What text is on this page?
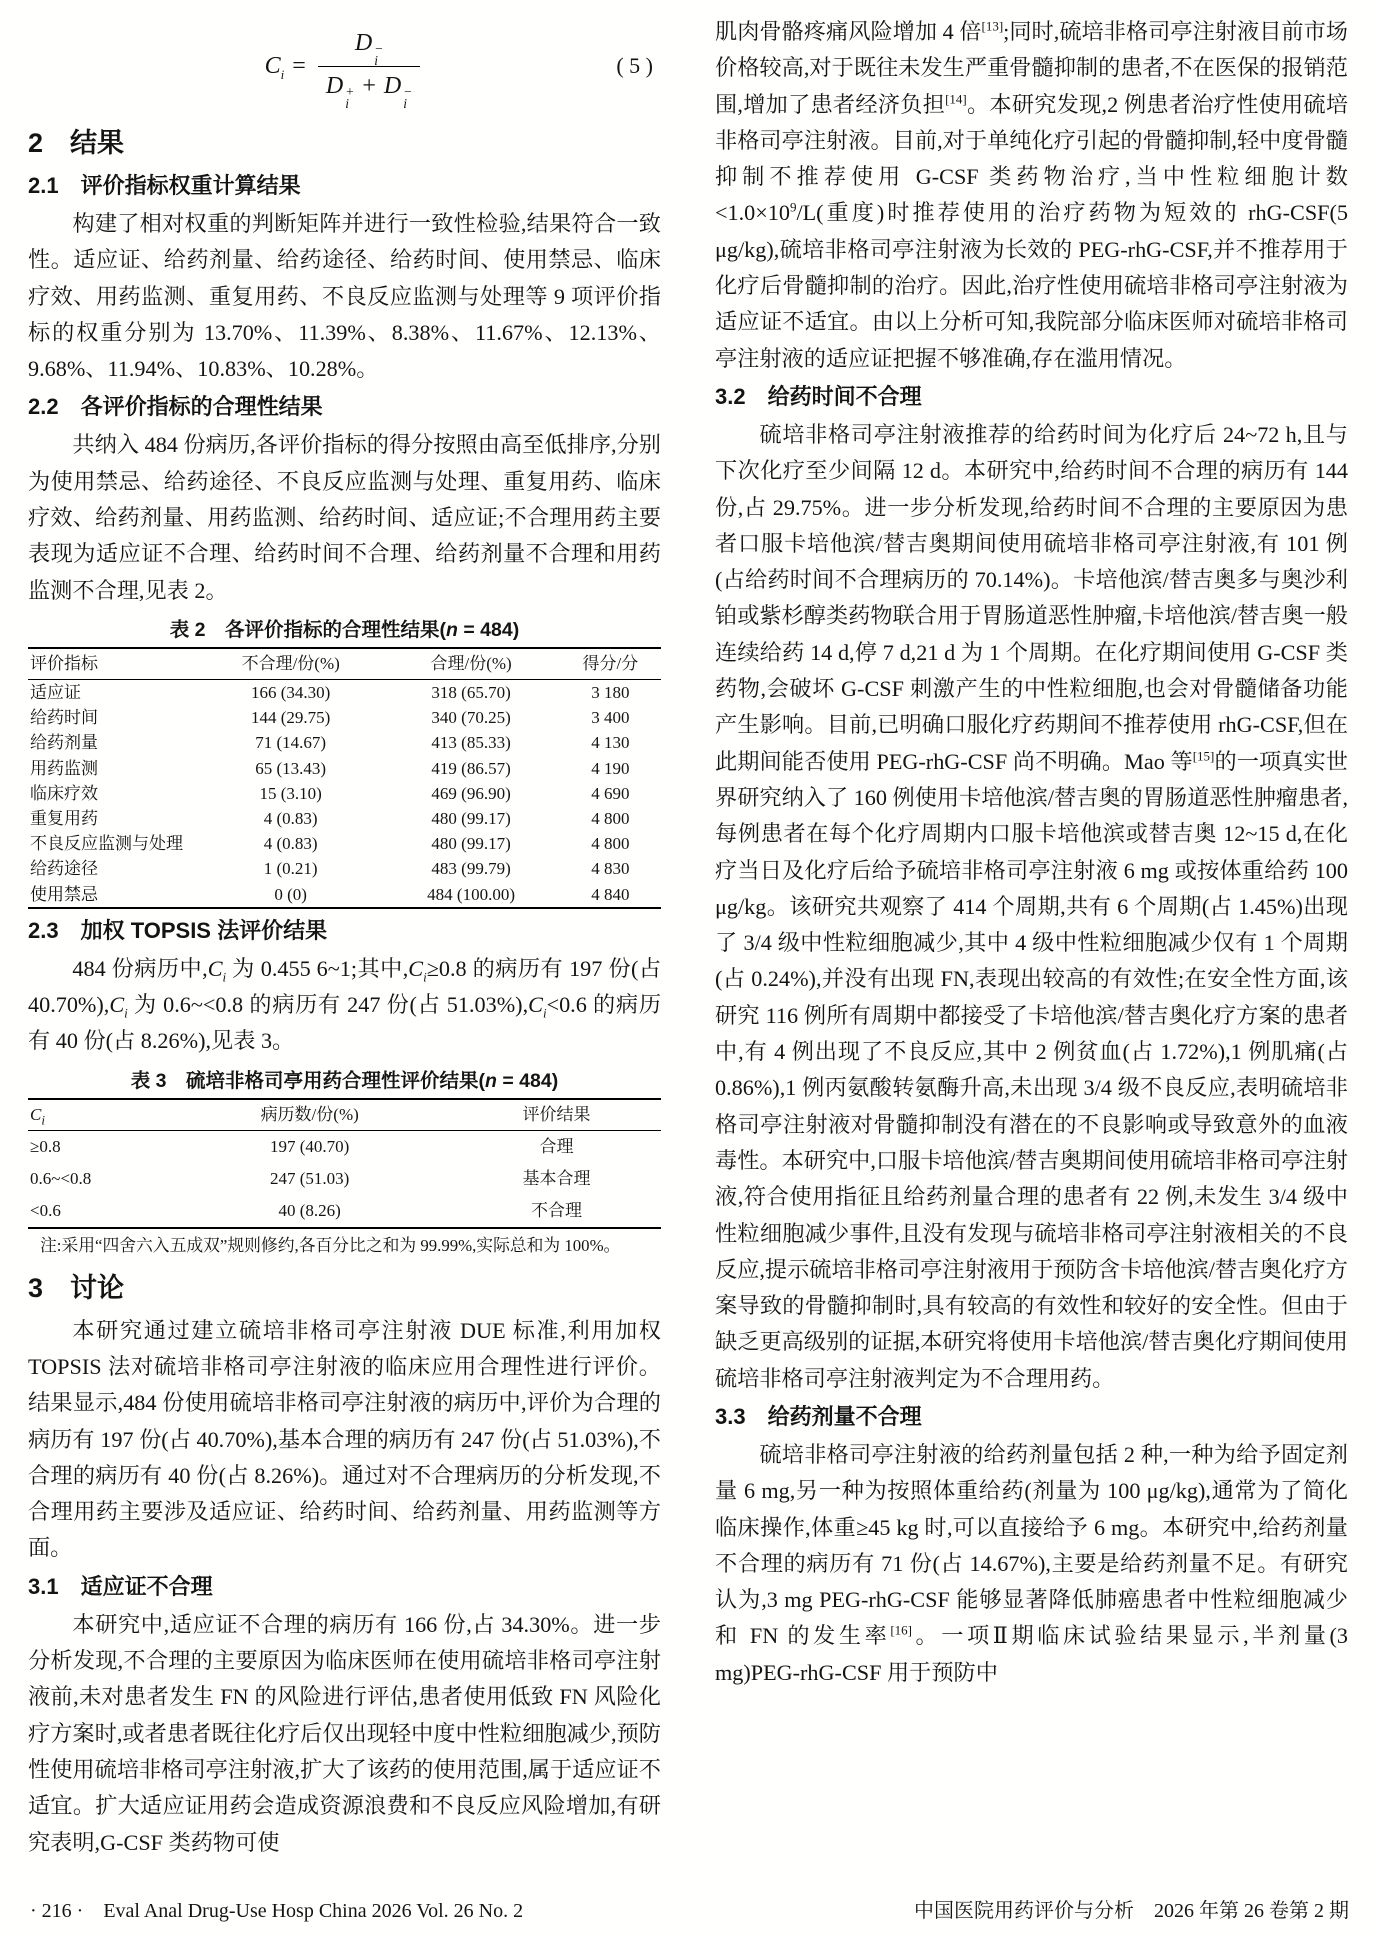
$C_i = D$ −
i
D +
i
+ D −
i	( 5 )
2　结果
2.1　评价指标权重计算结果

构建了相对权重的判断矩阵并进行一致性检验,结果符合一致性。适应证、给药剂量、给药途径、给药时间、使用禁忌、临床疗效、用药监测、重复用药、不良反应监测与处理等 9 项评价指标的权重分别为 13.70%、11.39%、8.38%、11.67%、12.13%、9.68%、11.94%、10.83%、10.28%。

2.2　各评价指标的合理性结果

共纳入 484 份病历,各评价指标的得分按照由高至低排序,分别为使用禁忌、给药途径、不良反应监测与处理、重复用药、临床疗效、给药剂量、用药监测、给药时间、适应证;不合理用药主要表现为适应证不合理、给药时间不合理、给药剂量不合理和用药监测不合理,见表 2。

表 2　各评价指标的合理性结果(n = 484)
评价指标	不合理/份(%)	合理/份(%)	得分/分
适应证	166 (34.30)	318 (65.70)	3 180
给药时间	144 (29.75)	340 (70.25)	3 400
给药剂量	71 (14.67)	413 (85.33)	4 130
用药监测	65 (13.43)	419 (86.57)	4 190
临床疗效	15 (3.10)	469 (96.90)	4 690
重复用药	4 (0.83)	480 (99.17)	4 800
不良反应监测与处理	4 (0.83)	480 (99.17)	4 800
给药途径	1 (0.21)	483 (99.79)	4 830
使用禁忌	0 (0)	484 (100.00)	4 840
2.3　加权 TOPSIS 法评价结果

484 份病历中$,C_i$ 为 0.455 6~1;其中$,C_i\ge 0.8$ 的病历有 197 份(占 $40.70\%),C_i$ 为 0.6~<0.8 的病历有 247 份(占 $51.03\%),C_i<0.6$ 的病历有 40 份(占 8.26%),见表 3。

表 3　硫培非格司亭用药合理性评价结果(n = 484)
$C_i$	病历数/份(%)	评价结果
≥0.8	197 (40.70)	合理
0.6~<0.8	247 (51.03)	基本合理
<0.6	40 (8.26)	不合理
注:采用“四舍六入五成双”规则修约,各百分比之和为 99.99%,实际总和为 100%。
3　讨论

本研究通过建立硫培非格司亭注射液 DUE 标准,利用加权 TOPSIS 法对硫培非格司亭注射液的临床应用合理性进行评价。结果显示,484 份使用硫培非格司亭注射液的病历中,评价为合理的病历有 197 份(占 40.70%),基本合理的病历有 247 份(占 51.03%),不合理的病历有 40 份(占 8.26%)。通过对不合理病历的分析发现,不合理用药主要涉及适应证、给药时间、给药剂量、用药监测等方面。

3.1　适应证不合理

本研究中,适应证不合理的病历有 166 份,占 34.30%。进一步分析发现,不合理的主要原因为临床医师在使用硫培非格司亭注射液前,未对患者发生 FN 的风险进行评估,患者使用低致 FN 风险化疗方案时,或者患者既往化疗后仅出现轻中度中性粒细胞减少,预防性使用硫培非格司亭注射液,扩大了该药的使用范围,属于适应证不适宜。扩大适应证用药会造成资源浪费和不良反应风险增加,有研究表明,G-CSF 类药物可使

肌肉骨骼疼痛风险增加 4 倍[13];同时,硫培非格司亭注射液目前市场价格较高,对于既往未发生严重骨髓抑制的患者,不在医保的报销范围,增加了患者经济负担[14]。本研究发现,2 例患者治疗性使用硫培非格司亭注射液。目前,对于单纯化疗引起的骨髓抑制,轻中度骨髓抑制不推荐使用 G-CSF 类药物治疗,当中性粒细胞计数$<1.0\times 10^9/L$(重度)时推荐使用的治疗药物为短效的 rhG-CSF(5 μg/kg),硫培非格司亭注射液为长效的 PEG-rhG-CSF,并不推荐用于化疗后骨髓抑制的治疗。因此,治疗性使用硫培非格司亭注射液为适应证不适宜。由以上分析可知,我院部分临床医师对硫培非格司亭注射液的适应证把握不够准确,存在滥用情况。

3.2　给药时间不合理

硫培非格司亭注射液推荐的给药时间为化疗后 24~72 h,且与下次化疗至少间隔 12 d。本研究中,给药时间不合理的病历有 144 份,占 29.75%。进一步分析发现,给药时间不合理的主要原因为患者口服卡培他滨/替吉奥期间使用硫培非格司亭注射液,有 101 例(占给药时间不合理病历的 70.14%)。卡培他滨/替吉奥多与奥沙利铂或紫杉醇类药物联合用于胃肠道恶性肿瘤,卡培他滨/替吉奥一般连续给药 14 d,停 7 d,21 d 为 1 个周期。在化疗期间使用 G-CSF 类药物,会破坏 G-CSF 刺激产生的中性粒细胞,也会对骨髓储备功能产生影响。目前,已明确口服化疗药期间不推荐使用 rhG-CSF,但在此期间能否使用 PEG-rhG-CSF 尚不明确。Mao 等[15]的一项真实世界研究纳入了 160 例使用卡培他滨/替吉奥的胃肠道恶性肿瘤患者,每例患者在每个化疗周期内口服卡培他滨或替吉奥 12~15 d,在化疗当日及化疗后给予硫培非格司亭注射液 6 mg 或按体重给药 100 μg/kg。该研究共观察了 414 个周期,共有 6 个周期(占 1.45%)出现了 3/4 级中性粒细胞减少,其中 4 级中性粒细胞减少仅有 1 个周期(占 0.24%),并没有出现 FN,表现出较高的有效性;在安全性方面,该研究 116 例所有周期中都接受了卡培他滨/替吉奥化疗方案的患者中,有 4 例出现了不良反应,其中 2 例贫血(占 1.72%),1 例肌痛(占 0.86%),1 例丙氨酸转氨酶升高,未出现 3/4 级不良反应,表明硫培非格司亭注射液对骨髓抑制没有潜在的不良影响或导致意外的血液毒性。本研究中,口服卡培他滨/替吉奥期间使用硫培非格司亭注射液,符合使用指征且给药剂量合理的患者有 22 例,未发生 3/4 级中性粒细胞减少事件,且没有发现与硫培非格司亭注射液相关的不良反应,提示硫培非格司亭注射液用于预防含卡培他滨/替吉奥化疗方案导致的骨髓抑制时,具有较高的有效性和较好的安全性。但由于缺乏更高级别的证据,本研究将使用卡培他滨/替吉奥化疗期间使用硫培非格司亭注射液判定为不合理用药。

3.3　给药剂量不合理

硫培非格司亭注射液的给药剂量包括 2 种,一种为给予固定剂量 6 mg,另一种为按照体重给药(剂量为 100 μg/kg),通常为了简化临床操作,体重≥45 kg 时,可以直接给予 6 mg。本研究中,给药剂量不合理的病历有 71 份(占 14.67%),主要是给药剂量不足。有研究认为,3 mg PEG-rhG-CSF 能够显著降低肺癌患者中性粒细胞减少和 FN 的发生率[16]。一项Ⅱ期临床试验结果显示,半剂量(3 mg)PEG-rhG-CSF 用于预防中

· 216 ·　Eval Anal Drug-Use Hosp China 2026 Vol. 26 No. 2	中国医院用药评价与分析　2026 年第 26 卷第 2 期
